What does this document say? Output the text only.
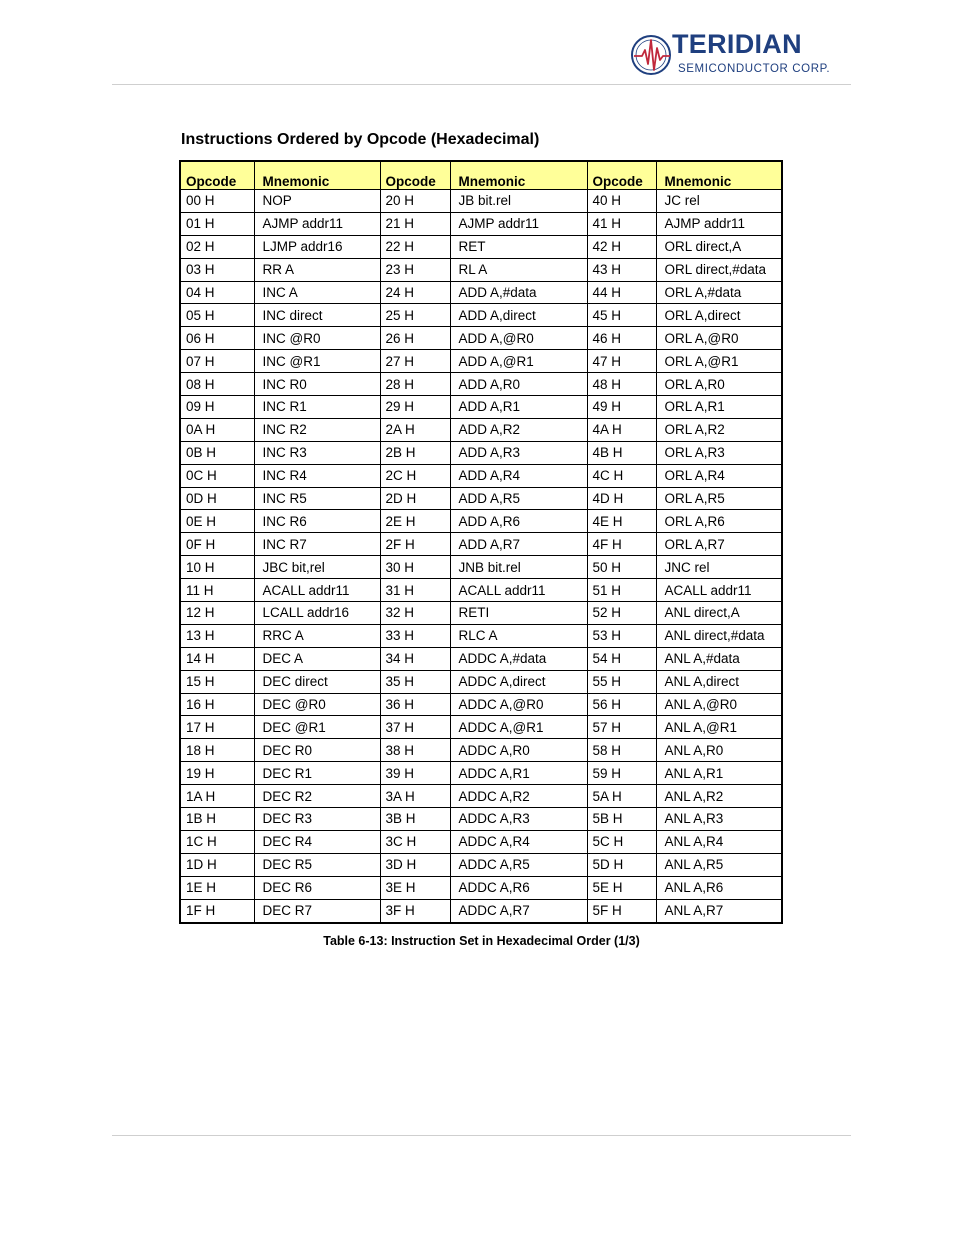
TERIDIAN
SEMICONDUCTOR CORP.
Instructions Ordered by Opcode (Hexadecimal)
Opcode	Mnemonic	Opcode	Mnemonic	Opcode	Mnemonic
00 H	NOP	20 H	JB bit.rel	40 H	JC rel
01 H	AJMP addr11	21 H	AJMP addr11	41 H	AJMP addr11
02 H	LJMP addr16	22 H	RET	42 H	ORL direct,A
03 H	RR A	23 H	RL A	43 H	ORL direct,#data
04 H	INC A	24 H	ADD A,#data	44 H	ORL A,#data
05 H	INC direct	25 H	ADD A,direct	45 H	ORL A,direct
06 H	INC @R0	26 H	ADD A,@R0	46 H	ORL A,@R0
07 H	INC @R1	27 H	ADD A,@R1	47 H	ORL A,@R1
08 H	INC R0	28 H	ADD A,R0	48 H	ORL A,R0
09 H	INC R1	29 H	ADD A,R1	49 H	ORL A,R1
0A H	INC R2	2A H	ADD A,R2	4A H	ORL A,R2
0B H	INC R3	2B H	ADD A,R3	4B H	ORL A,R3
0C H	INC R4	2C H	ADD A,R4	4C H	ORL A,R4
0D H	INC R5	2D H	ADD A,R5	4D H	ORL A,R5
0E H	INC R6	2E H	ADD A,R6	4E H	ORL A,R6
0F H	INC R7	2F H	ADD A,R7	4F H	ORL A,R7
10 H	JBC bit,rel	30 H	JNB bit.rel	50 H	JNC rel
11 H	ACALL addr11	31 H	ACALL addr11	51 H	ACALL addr11
12 H	LCALL addr16	32 H	RETI	52 H	ANL direct,A
13 H	RRC A	33 H	RLC A	53 H	ANL direct,#data
14 H	DEC A	34 H	ADDC A,#data	54 H	ANL A,#data
15 H	DEC direct	35 H	ADDC A,direct	55 H	ANL A,direct
16 H	DEC @R0	36 H	ADDC A,@R0	56 H	ANL A,@R0
17 H	DEC @R1	37 H	ADDC A,@R1	57 H	ANL A,@R1
18 H	DEC R0	38 H	ADDC A,R0	58 H	ANL A,R0
19 H	DEC R1	39 H	ADDC A,R1	59 H	ANL A,R1
1A H	DEC R2	3A H	ADDC A,R2	5A H	ANL A,R2
1B H	DEC R3	3B H	ADDC A,R3	5B H	ANL A,R3
1C H	DEC R4	3C H	ADDC A,R4	5C H	ANL A,R4
1D H	DEC R5	3D H	ADDC A,R5	5D H	ANL A,R5
1E H	DEC R6	3E H	ADDC A,R6	5E H	ANL A,R6
1F H	DEC R7	3F H	ADDC A,R7	5F H	ANL A,R7
Table 6-13: Instruction Set in Hexadecimal Order (1/3)
